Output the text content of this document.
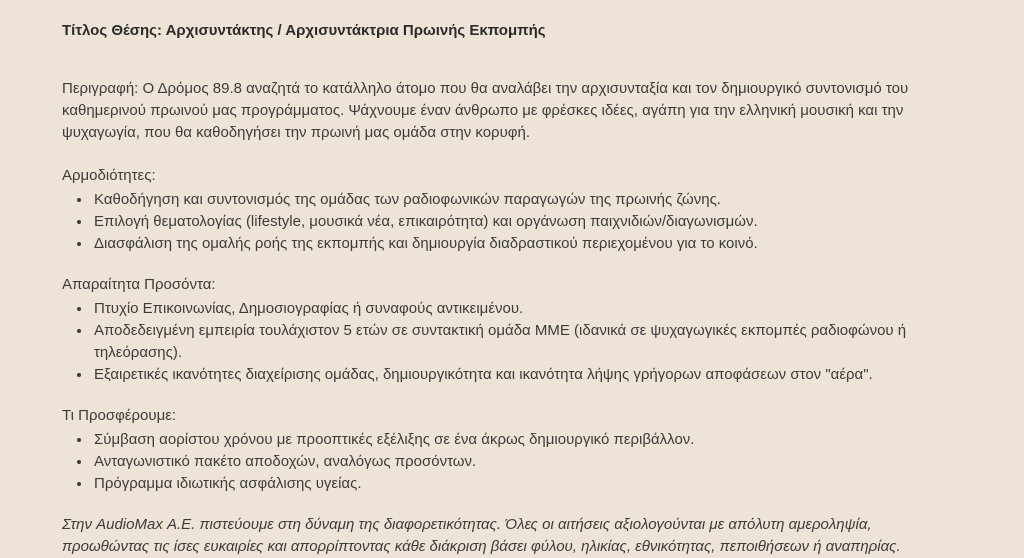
Τίτλος Θέσης: Αρχισυντάκτης / Αρχισυντάκτρια Πρωινής Εκπομπής

Περιγραφή: Ο Δρόμος 89.8 αναζητά το κατάλληλο άτομο που θα αναλάβει την αρχισυνταξία και τον δημιουργικό συντονισμό του καθημερινού πρωινού μας προγράμματος. Ψάχνουμε έναν άνθρωπο με φρέσκες ιδέες, αγάπη για την ελληνική μουσική και την ψυχαγωγία, που θα καθοδηγήσει την πρωινή μας ομάδα στην κορυφή.

Αρμοδιότητες:

• Καθοδήγηση και συντονισμός της ομάδας των ραδιοφωνικών παραγωγών της πρωινής ζώνης.
• Επιλογή θεματολογίας (lifestyle, μουσικά νέα, επικαιρότητα) και οργάνωση παιχνιδιών/διαγωνισμών.
• Διασφάλιση της ομαλής ροής της εκπομπής και δημιουργία διαδραστικού περιεχομένου για το κοινό.

Απαραίτητα Προσόντα:

• Πτυχίο Επικοινωνίας, Δημοσιογραφίας ή συναφούς αντικειμένου.
• Αποδεδειγμένη εμπειρία τουλάχιστον 5 ετών σε συντακτική ομάδα ΜΜΕ (ιδανικά σε ψυχαγωγικές εκπομπές ραδιοφώνου ή τηλεόρασης).
• Εξαιρετικές ικανότητες διαχείρισης ομάδας, δημιουργικότητα και ικανότητα λήψης γρήγορων αποφάσεων στον "αέρα".

Τι Προσφέρουμε:

• Σύμβαση αορίστου χρόνου με προοπτικές εξέλιξης σε ένα άκρως δημιουργικό περιβάλλον.
• Ανταγωνιστικό πακέτο αποδοχών, αναλόγως προσόντων.
• Πρόγραμμα ιδιωτικής ασφάλισης υγείας.

Στην AudioMax Α.Ε. πιστεύουμε στη δύναμη της διαφορετικότητας. Όλες οι αιτήσεις αξιολογούνται με απόλυτη αμεροληψία, προωθώντας τις ίσες ευκαιρίες και απορρίπτοντας κάθε διάκριση βάσει φύλου, ηλικίας, εθνικότητας, πεποιθήσεων ή αναπηρίας.
